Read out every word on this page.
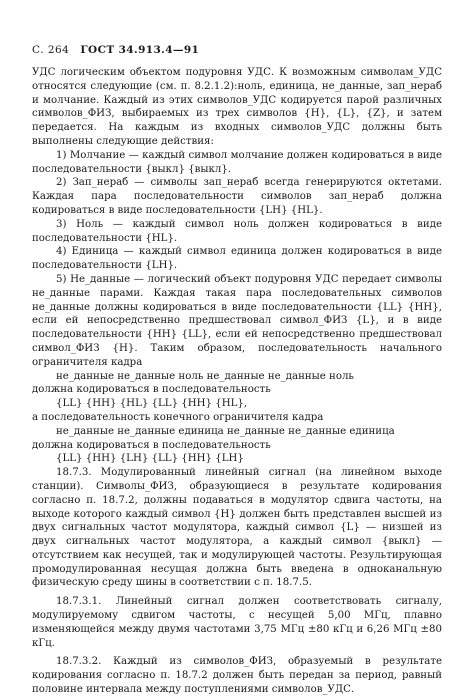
С. 264 ГОСТ 34.913.4—91

УДС логическим объектом подуровня УДС. К возможным символам_УДС относятся следующие (см. п. 8.2.1.2):ноль, единица, не_данные, зап_нераб и молчание. Каждый из этих символов_УДС кодируется парой различных символов_ФИЗ, выбираемых из трех символов {Н}, {L}, {Z}, и затем передается. На каждым из входных символов_УДС должны быть выполнены следующие действия:

1) Молчание — каждый символ молчание должен кодироваться в виде последовательности {выкл} {выкл}.

2) Зап_нераб — символы зап_нераб всегда генерируются октетами. Каждая пара последовательности символов зап_нераб должна кодироваться в виде последовательности {LH} {HL}.

3) Ноль — каждый символ ноль должен кодироваться в виде последовательности {HL}.

4) Единица — каждый символ единица должен кодироваться в виде последовательности {LH}.

5) Не_данные — логический объект подуровня УДС передает символы не_данные парами. Каждая такая пара последовательных символов не_данные должны кодироваться в виде последовательности {LL} {HH}, если ей непосредственно предшествовал символ_ФИЗ {L}, и в виде последовательности {HH} {LL}, если ей непосредственно предшествовал символ_ФИЗ {Н}. Таким образом, последовательность начального ограничителя кадра

не_данные не_данные ноль не_данные не_данные ноль

должна кодироваться в последовательность

{LL} {HH} {HL} {LL} {HH} {HL},

а последовательность конечного ограничителя кадра

не_данные не_данные единица не_данные не_данные единица

должна кодироваться в последовательность

{LL} {HH} {LH} {LL} {HH} {LH}

18.7.3. Модулированный линейный сигнал (на линейном выходе станции). Символы_ФИЗ, образующиеся в результате кодирования согласно п. 18.7.2, должны подаваться в модулятор сдвига частоты, на выходе которого каждый символ {Н} должен быть представлен высшей из двух сигнальных частот модулятора, каждый символ {L} — низшей из двух сигнальных частот модулятора, а каждый символ {выкл} — отсутствием как несущей, так и модулирующей частоты. Результирующая промодулированная несущая должна быть введена в одноканальную физическую среду шины в соответствии с п. 18.7.5.

18.7.3.1. Линейный сигнал должен соответствовать сигналу, модулируемому сдвигом частоты, с несущей 5,00 МГц, плавно изменяющейся между двумя частотами 3,75 МГц ±80 кГц и 6,26 МГц ±80 кГц.

18.7.3.2. Каждый из символов_ФИЗ, образуемый в результате кодирования согласно п. 18.7.2 должен быть передан за период, равный половине интервала между поступлениями символов_УДС.
